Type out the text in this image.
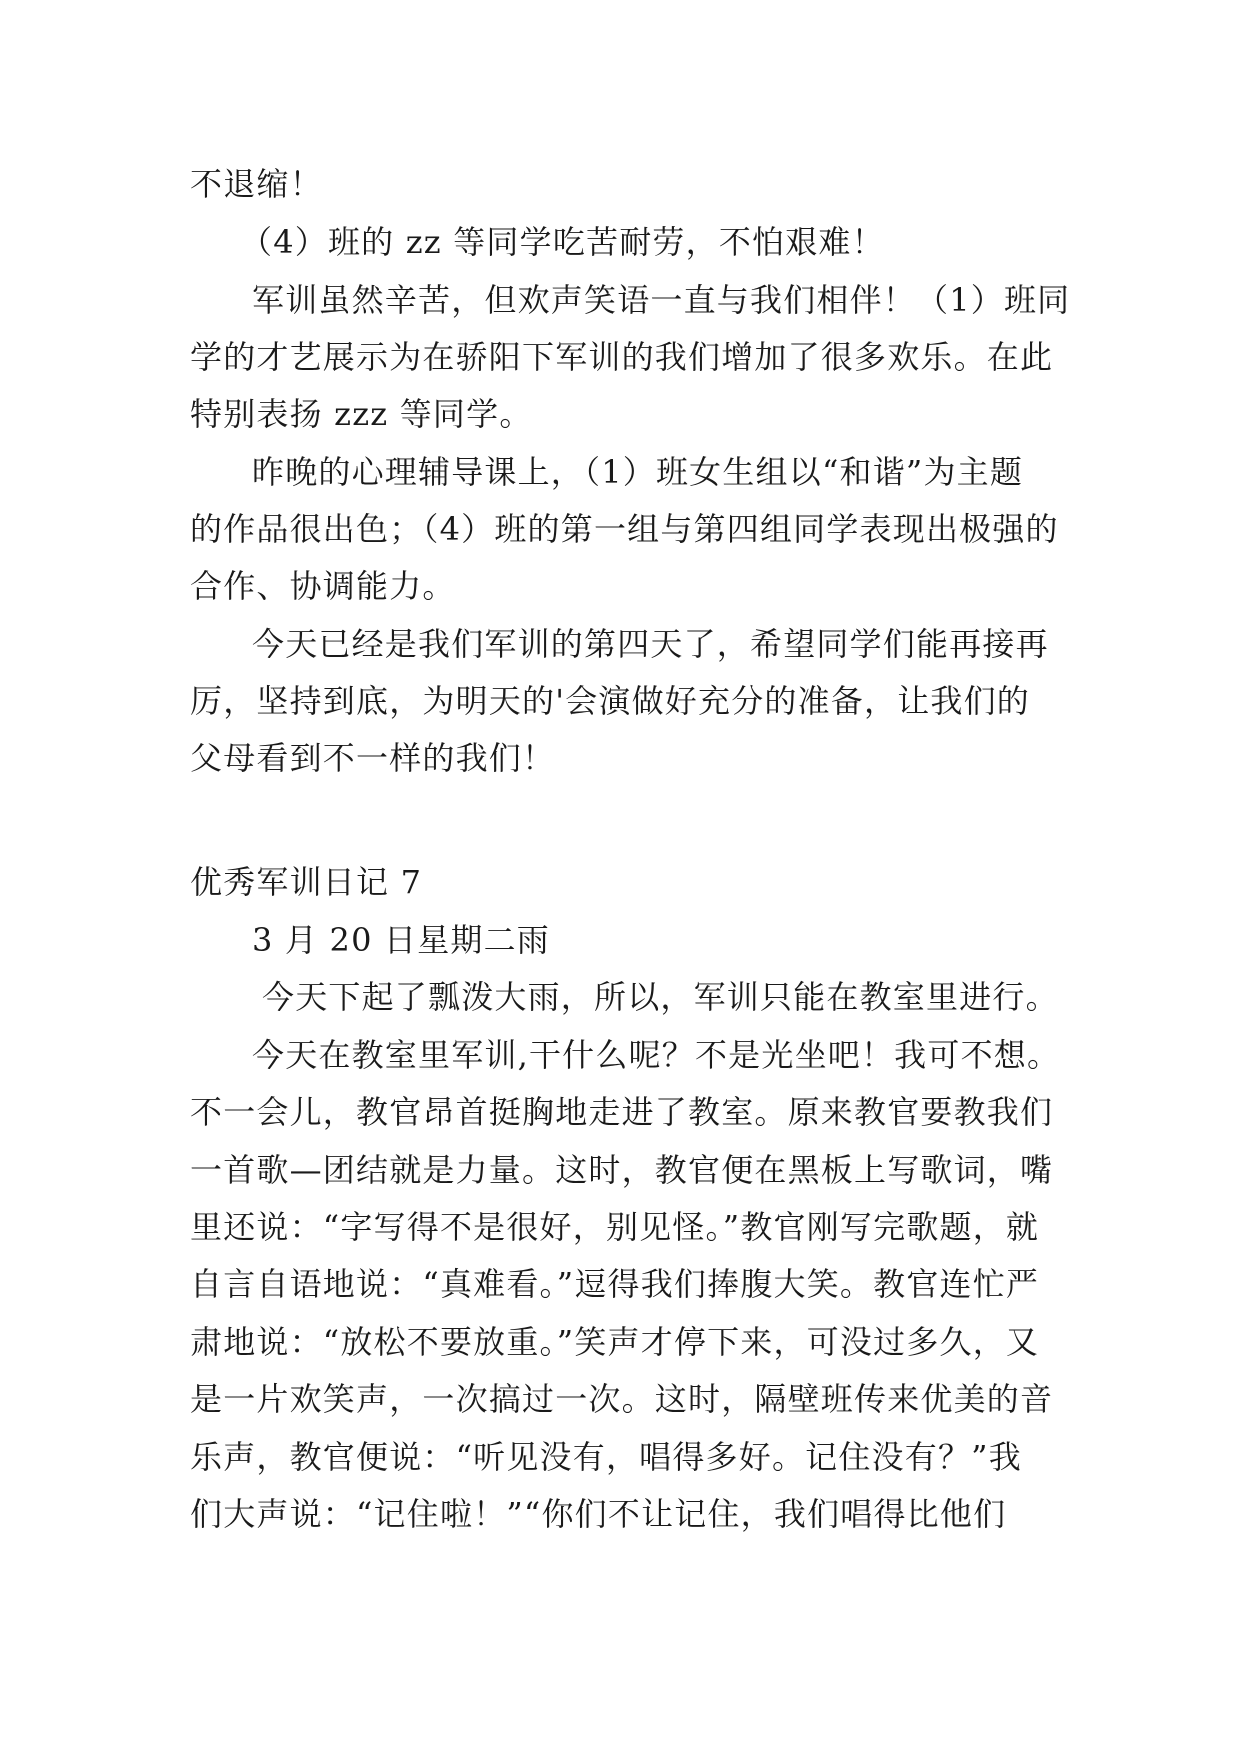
不退缩！
（4）班的 zz 等同学吃苦耐劳，不怕艰难！
军训虽然辛苦，但欢声笑语一直与我们相伴！（1）班同
学的才艺展示为在骄阳下军训的我们增加了很多欢乐。在此
特别表扬 zzz 等同学。
昨晚的心理辅导课上，（1）班女生组以“和谐”为主题
的作品很出色；（4）班的第一组与第四组同学表现出极强的
合作、协调能力。
今天已经是我们军训的第四天了，希望同学们能再接再
厉，坚持到底，为明天的'会演做好充分的准备，让我们的
父母看到不一样的我们！
优秀军训日记 7
3 月 20 日星期二雨
今天下起了瓢泼大雨，所以，军训只能在教室里进行。
今天在教室里军训,干什么呢？不是光坐吧！我可不想。
不一会儿，教官昂首挺胸地走进了教室。原来教官要教我们
一首歌—团结就是力量。这时，教官便在黑板上写歌词，嘴
里还说：“字写得不是很好，别见怪。”教官刚写完歌题，就
自言自语地说：“真难看。”逗得我们捧腹大笑。教官连忙严
肃地说：“放松不要放重。”笑声才停下来，可没过多久，又
是一片欢笑声，一次搞过一次。这时，隔壁班传来优美的音
乐声，教官便说：“听见没有，唱得多好。记住没有？”我
们大声说：“记住啦！”“你们不让记住，我们唱得比他们
